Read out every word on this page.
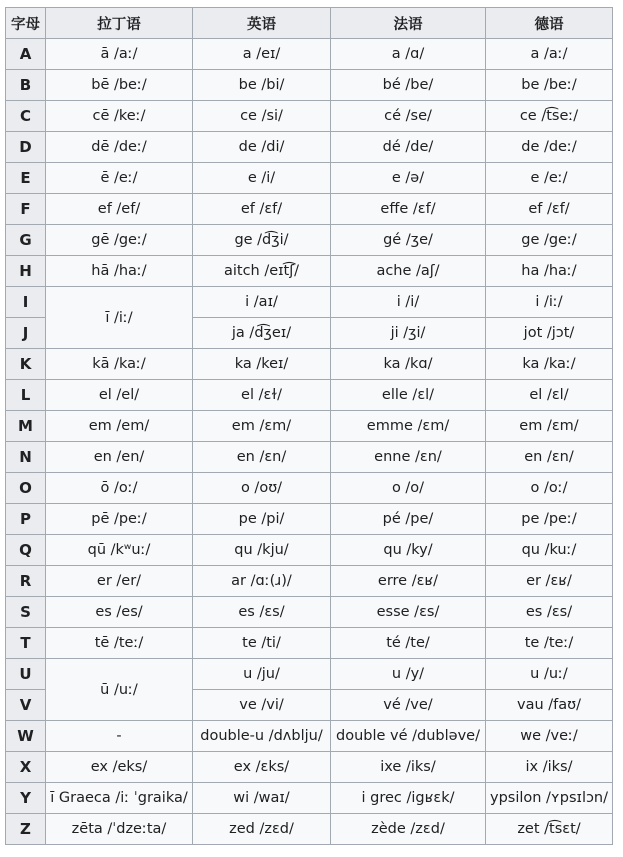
字母	拉丁语	英语	法语	德语
A	ā /aː/	a /eɪ/	a /ɑ/	a /aː/
B	bē /beː/	be /bi/	bé /be/	be /beː/
C	cē /keː/	ce /si/	cé /se/	ce /t͡seː/
D	dē /deː/	de /di/	dé /de/	de /deː/
E	ē /eː/	e /i/	e /ə/	e /eː/
F	ef /ef/	ef /ɛf/	effe /ɛf/	ef /ɛf/
G	gē /geː/	ge /d͡ʒi/	gé /ʒe/	ge /geː/
H	hā /haː/	aitch /eɪt͡ʃ/	ache /aʃ/	ha /haː/
I	ī /iː/	i /aɪ/	i /i/	i /iː/
J		ja /d͡ʒeɪ/	ji /ʒi/	jot /jɔt/
K	kā /kaː/	ka /keɪ/	ka /kɑ/	ka /kaː/
L	el /el/	el /ɛɫ/	elle /ɛl/	el /ɛl/
M	em /em/	em /ɛm/	emme /ɛm/	em /ɛm/
N	en /en/	en /ɛn/	enne /ɛn/	en /ɛn/
O	ō /oː/	o /oʊ/	o /o/	o /oː/
P	pē /peː/	pe /pi/	pé /pe/	pe /peː/
Q	qū /kʷuː/	qu /kju/	qu /ky/	qu /kuː/
R	er /er/	ar /ɑː(ɹ)/	erre /ɛʁ/	er /ɛʁ/
S	es /es/	es /ɛs/	esse /ɛs/	es /ɛs/
T	tē /teː/	te /ti/	té /te/	te /teː/
U	ū /uː/	u /ju/	u /y/	u /uː/
V		ve /vi/	vé /ve/	vau /faʊ/
W	-	double-u /dʌblju/	double vé /dubləve/	we /veː/
X	ex /eks/	ex /ɛks/	ixe /iks/	ix /iks/
Y	ī Graeca /iː ˈgraika/	wi /waɪ/	i grec /igʁɛk/	ypsilon /ʏpsɪlɔn/
Z	zēta /ˈdzeːta/	zed /zɛd/	zède /zɛd/	zet /t͡sɛt/
